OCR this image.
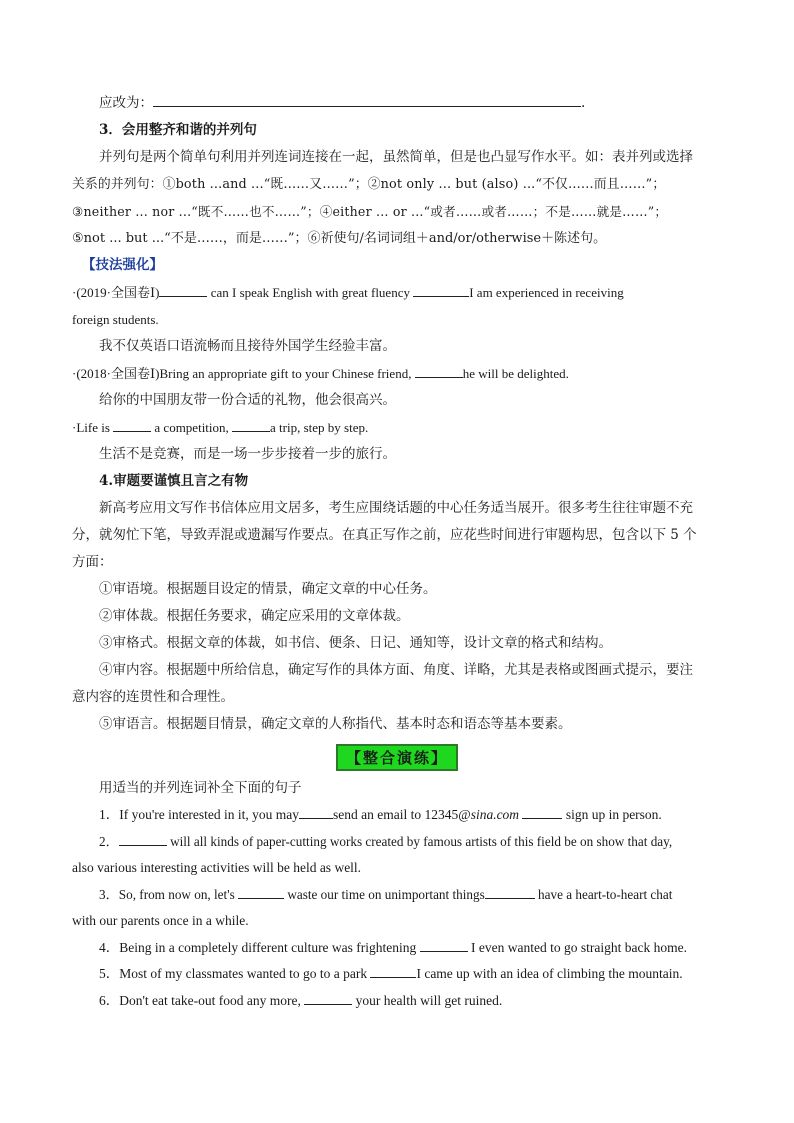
应改为：	.
3．会用整齐和谐的并列句
并列句是两个简单句利用并列连词连接在一起，虽然简单，但是也凸显写作水平。如：表并列或选择
关系的并列句：①both ...and ...“既……又……”；②not only ... but (also) ...“不仅……而且……”；
③neither ... nor ...“既不……也不……”；④either ... or ...“或者……或者……；不是……就是……”；
⑤not ... but ...“不是……，而是……”；⑥祈使句/名词词组＋and/or/otherwise＋陈述句。
【技法强化】
·(2019·全国卷Ⅰ)	can I speak English with great fluency	I am experienced in receiving
foreign students.
我不仅英语口语流畅而且接待外国学生经验丰富。
·(2018·全国卷Ⅰ)Bring an appropriate gift to your Chinese friend,	he will be delighted.
给你的中国朋友带一份合适的礼物，他会很高兴。
·Life is	a competition,	a trip, step by step.
生活不是竞赛，而是一场一步步接着一步的旅行。
4.审题要谨慎且言之有物
新高考应用文写作书信体应用文居多，考生应围绕话题的中心任务适当展开。很多考生往往审题不充
分，就匆忙下笔，导致弄混或遗漏写作要点。在真正写作之前，应花些时间进行审题构思，包含以下 5 个
方面：
①审语境。根据题目设定的情景，确定文章的中心任务。
②审体裁。根据任务要求，确定应采用的文章体裁。
③审格式。根据文章的体裁，如书信、便条、日记、通知等，设计文章的格式和结构。
④审内容。根据题中所给信息，确定写作的具体方面、角度、详略，尤其是表格或图画式提示，要注
意内容的连贯性和合理性。
⑤审语言。根据题目情景，确定文章的人称指代、基本时态和语态等基本要素。
【整合演练】
用适当的并列连词补全下面的句子
1．If you're interested in it, you may	send an email to 12345@sina.com	sign up in person.
2．	will all kinds of paper-cutting works created by famous artists of this field be on show that day,
also various interesting activities will be held as well.
3．So, from now on, let's	waste our time on unimportant things	have a heart-to-heart chat
with our parents once in a while.
4．Being in a completely different culture was frightening	I even wanted to go straight back home.
5．Most of my classmates wanted to go to a park	I came up with an idea of climbing the mountain.
6．Don't eat take-out food any more,	your health will get ruined.
